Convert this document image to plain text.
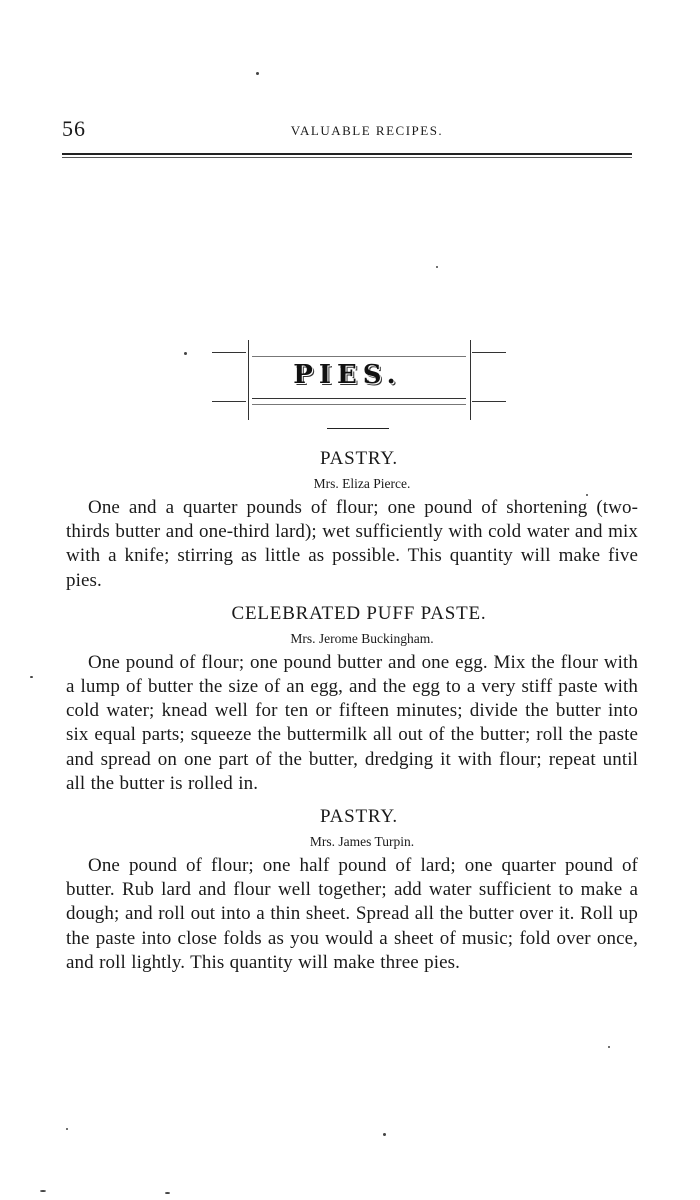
56	VALUABLE RECIPES.
PIES.
PASTRY.
Mrs. Eliza Pierce.

One and a quarter pounds of flour; one pound of shortening (two-thirds butter and one-third lard); wet sufficiently with cold water and mix with a knife; stirring as little as possible. This quantity will make five pies.

CELEBRATED PUFF PASTE.
Mrs. Jerome Buckingham.

One pound of flour; one pound butter and one egg. Mix the flour with a lump of butter the size of an egg, and the egg to a very stiff paste with cold water; knead well for ten or fifteen minutes; divide the butter into six equal parts; squeeze the buttermilk all out of the butter; roll the paste and spread on one part of the butter, dredging it with flour; repeat until all the butter is rolled in.

PASTRY.
Mrs. James Turpin.

One pound of flour; one half pound of lard; one quarter pound of butter. Rub lard and flour well together; add water sufficient to make a dough; and roll out into a thin sheet. Spread all the butter over it. Roll up the paste into close folds as you would a sheet of music; fold over once, and roll lightly. This quantity will make three pies.
